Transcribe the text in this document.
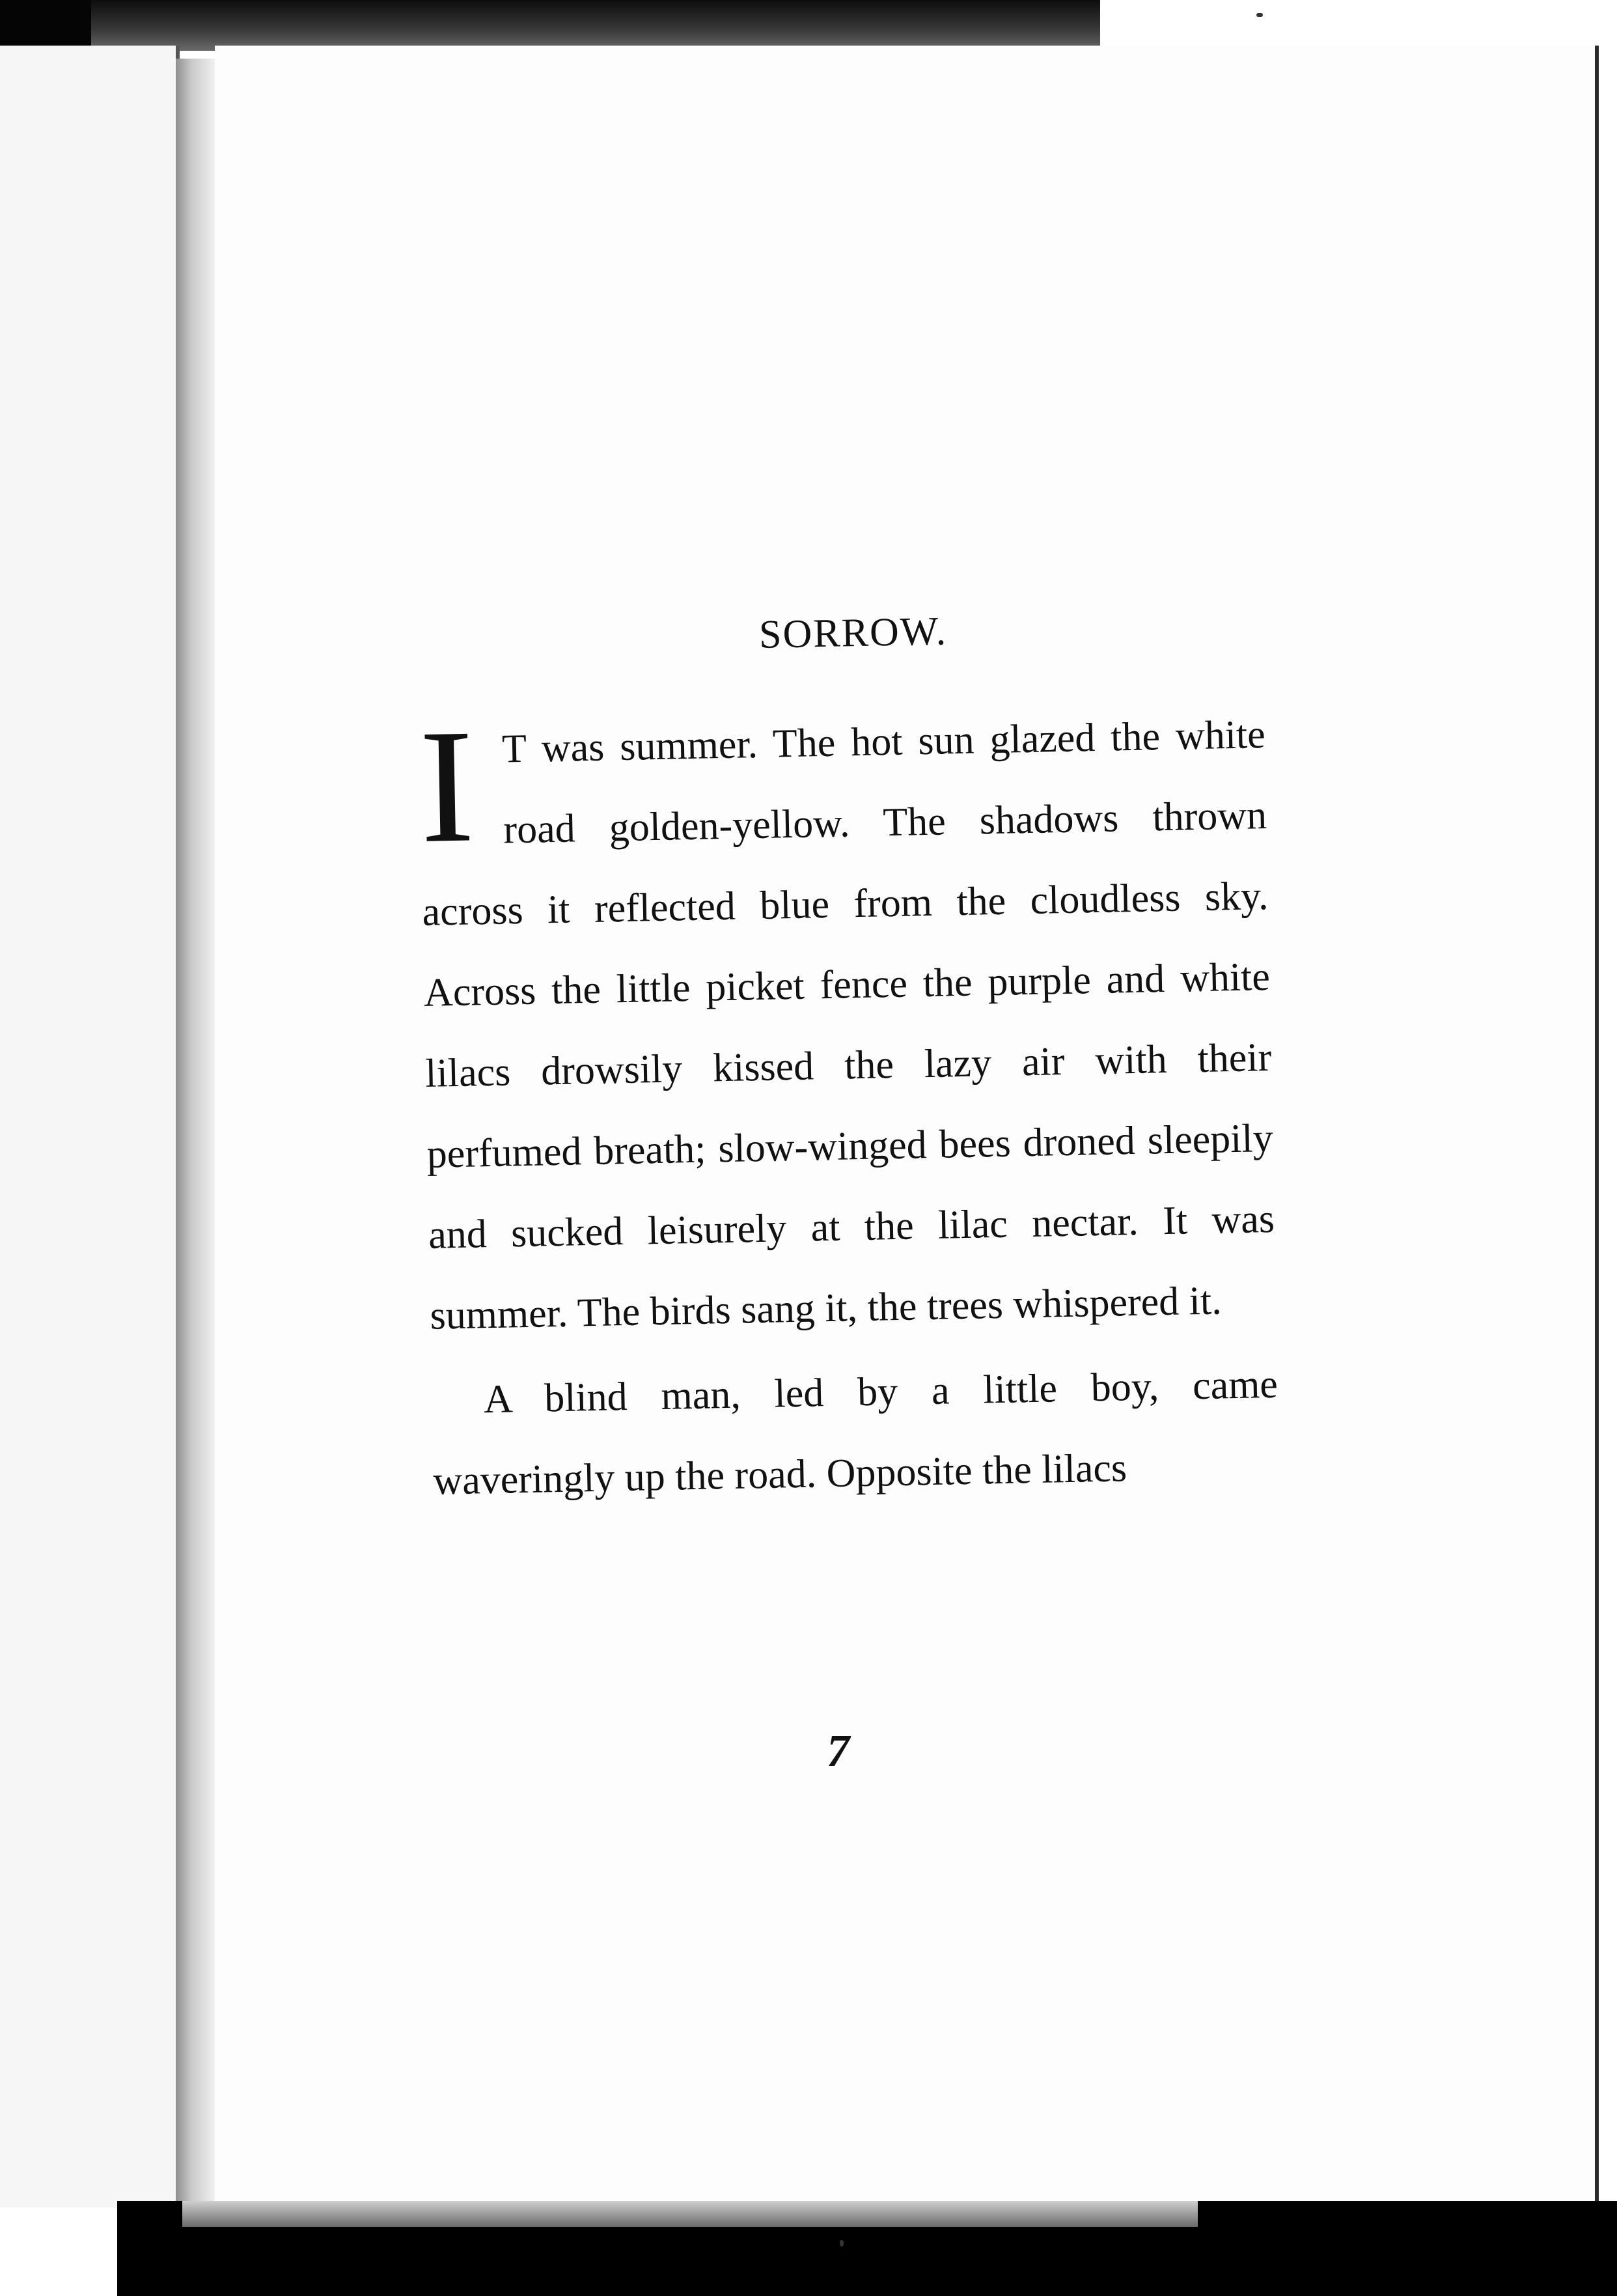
SORROW.

I T was summer. The hot sun glazed the white road golden-yellow. The shadows thrown across it reflected blue from the cloudless sky. Across the little picket fence the purple and white lilacs drowsily kissed the lazy air with their perfumed breath; slow-winged bees droned sleepily and sucked leisurely at the lilac nectar. It was summer. The birds sang it, the trees whispered it.

A blind man, led by a little boy, came waveringly up the road. Opposite the lilacs

7
